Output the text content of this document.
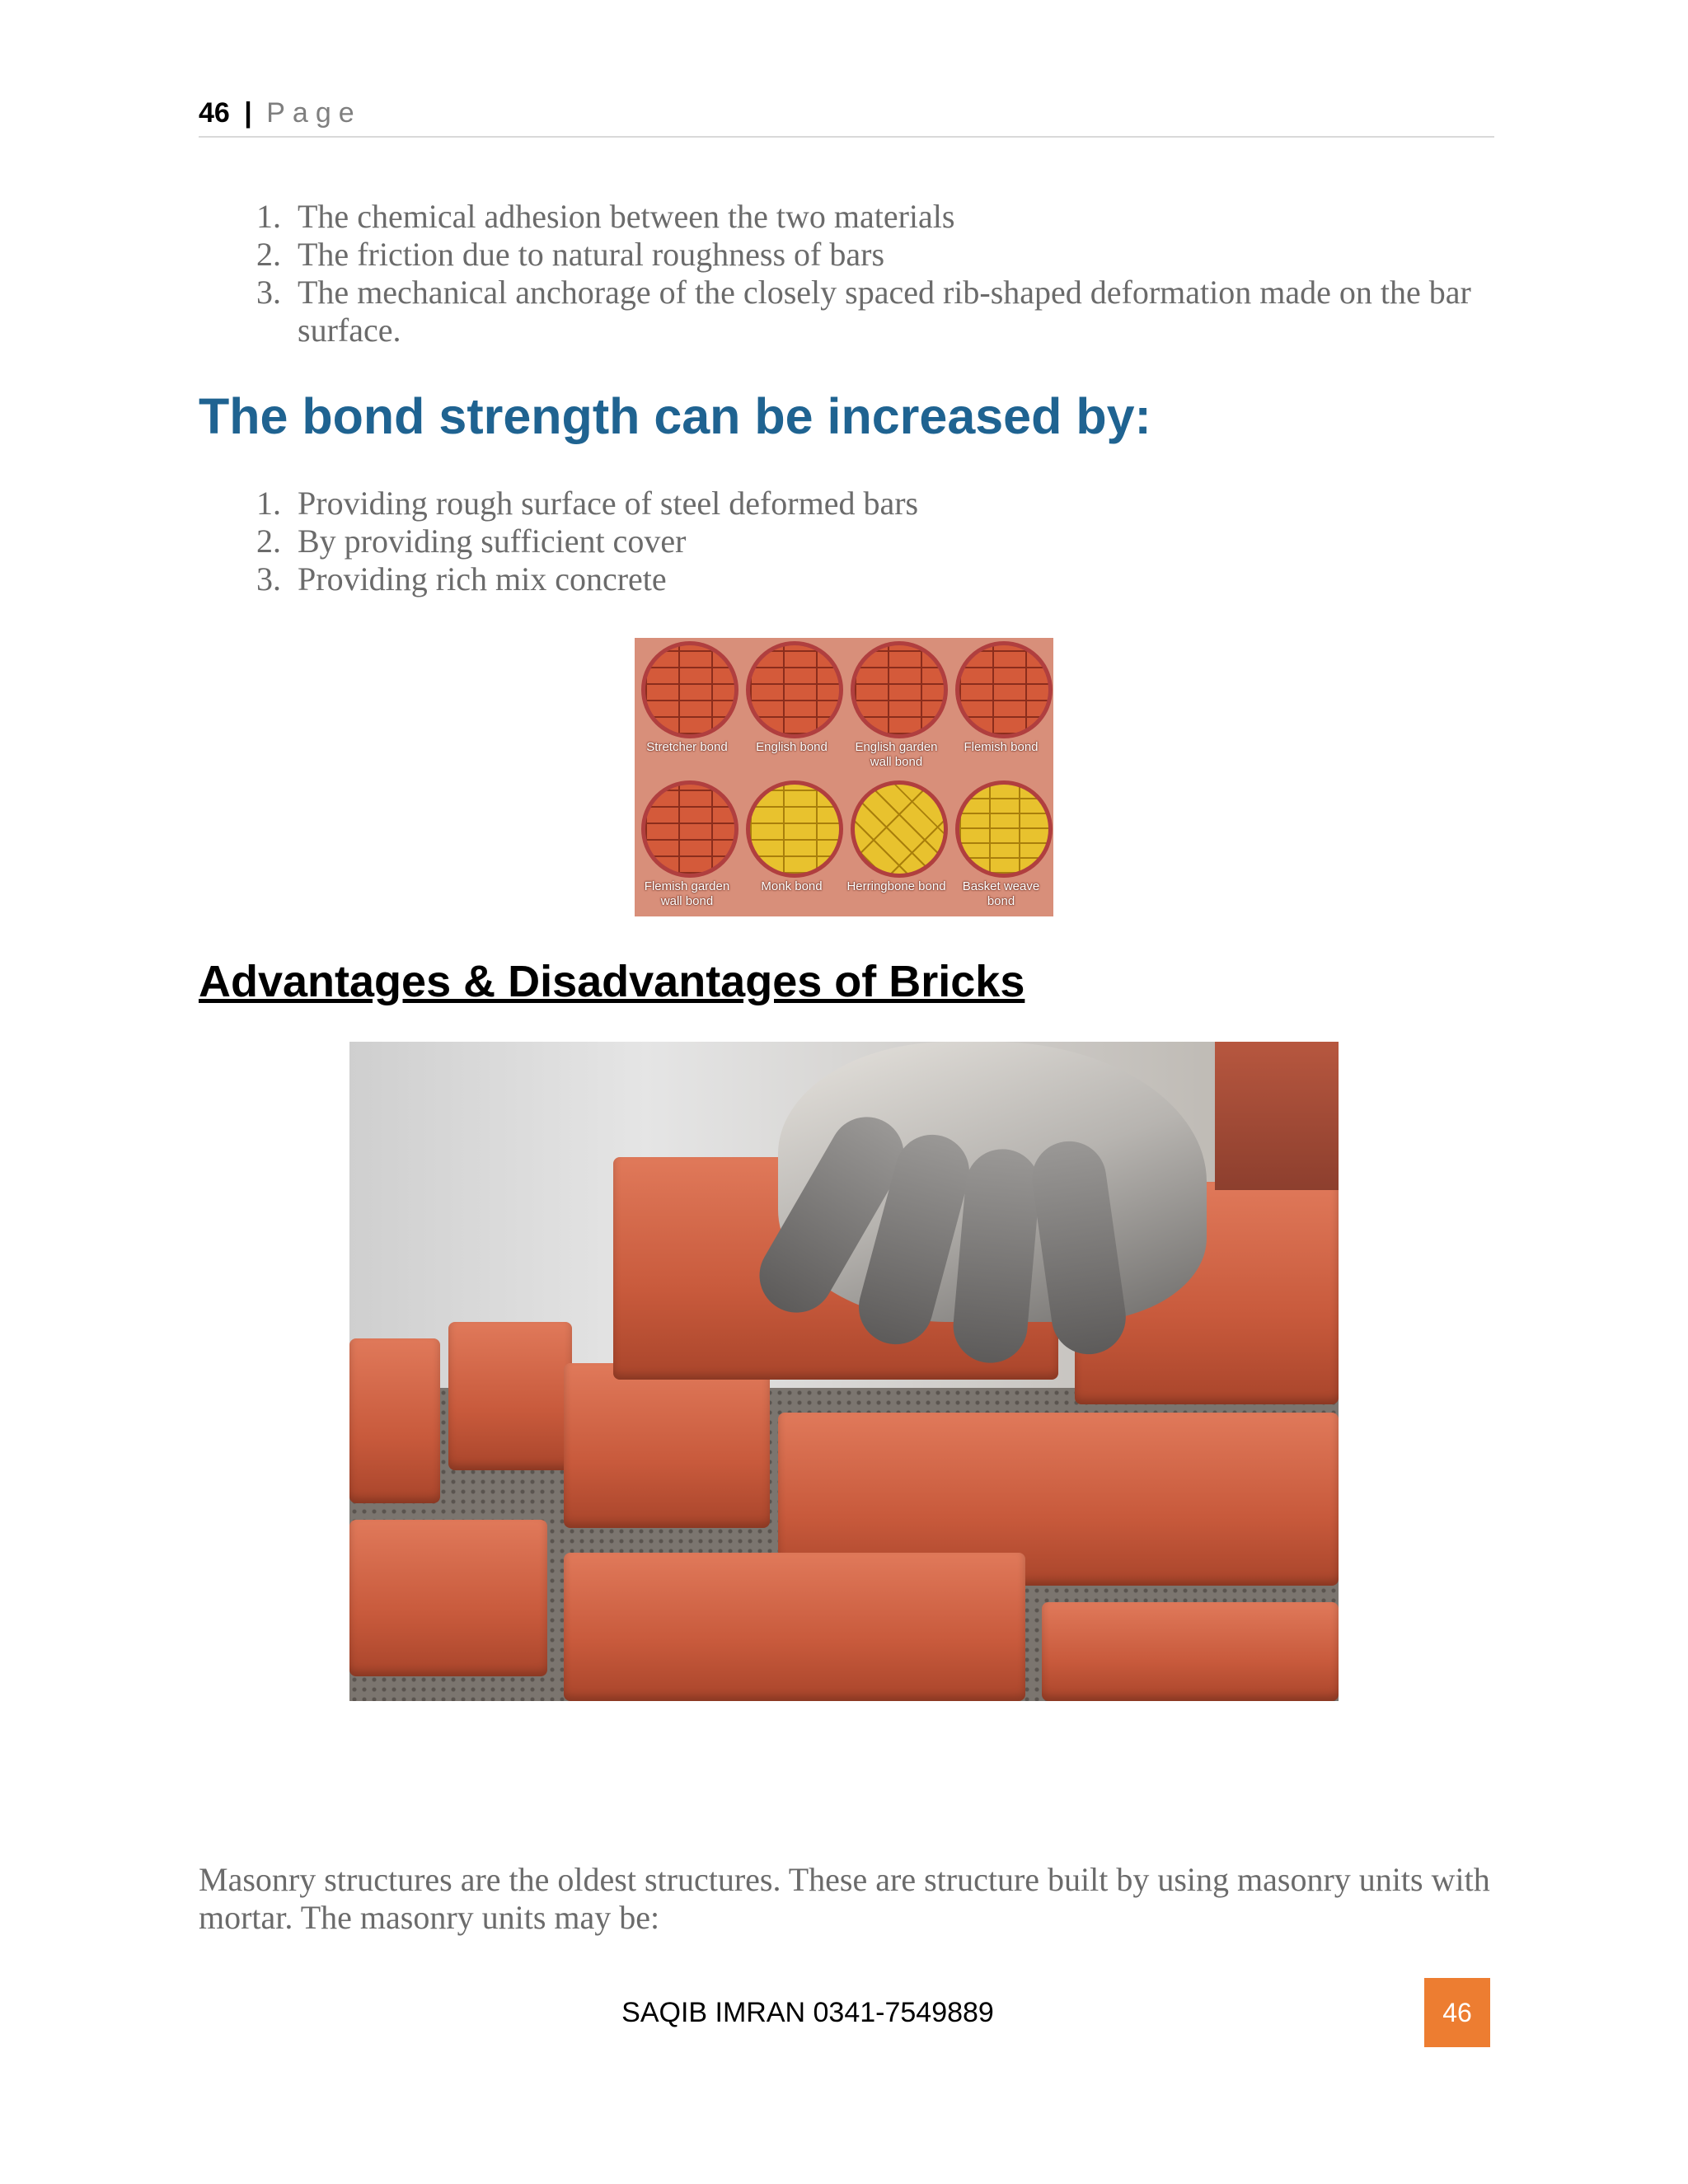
46 | Page
1. The chemical adhesion between the two materials
2. The friction due to natural roughness of bars
3. The mechanical anchorage of the closely spaced rib-shaped deformation made on the bar surface.
The bond strength can be increased by:
1. Providing rough surface of steel deformed bars
2. By providing sufficient cover
3. Providing rich mix concrete
Stretcher bond	English bond	English garden wall bond
Flemish bond
Flemish garden wall bond
Monk bond	Herringbone bond	Basket weave bond
Advantages & Disadvantages of Bricks

Masonry structures are the oldest structures. These are structure built by using masonry units with mortar. The masonry units may be:

SAQIB IMRAN 0341-7549889	46
